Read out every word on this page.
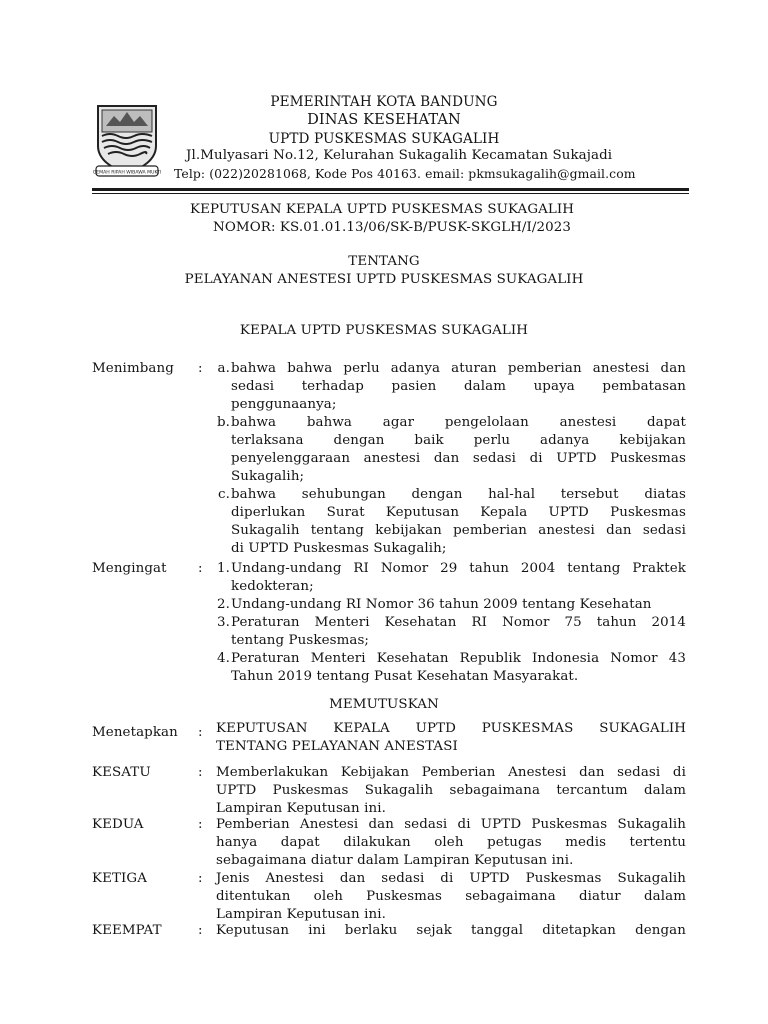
GEMAH RIPAH WIBAWA MUKTI
PEMERINTAH KOTA BANDUNG
DINAS KESEHATAN
UPTD PUSKESMAS SUKAGALIH
Jl.Mulyasari No.12, Kelurahan Sukagalih Kecamatan Sukajadi
Telp: (022)20281068, Kode Pos 40163. email: pkmsukagalih@gmail.com
KEPUTUSAN KEPALA UPTD PUSKESMAS SUKAGALIH
NOMOR: KS.01.01.13/06/SK-B/PUSK-SKGLH/I/2023
TENTANG
PELAYANAN ANESTESI UPTD PUSKESMAS SUKAGALIH
KEPALA UPTD PUSKESMAS SUKAGALIH
Menimbang : a. bahwa bahwa perlu adanya aturan pemberian anestesi dan
sedasi terhadap pasien dalam upaya pembatasan
penggunaanya;
b. bahwa bahwa agar pengelolaan anestesi dapat
terlaksana dengan baik perlu adanya kebijakan
penyelenggaraan anestesi dan sedasi di UPTD Puskesmas
Sukagalih;
c. bahwa sehubungan dengan hal-hal tersebut diatas
diperlukan Surat Keputusan Kepala UPTD Puskesmas
Sukagalih tentang kebijakan pemberian anestesi dan sedasi
di UPTD Puskesmas Sukagalih;
Mengingat : 1. Undang-undang RI Nomor 29 tahun 2004 tentang Praktek
kedokteran;
2. Undang-undang RI Nomor 36 tahun 2009 tentang Kesehatan
3. Peraturan Menteri Kesehatan RI Nomor 75 tahun 2014
tentang Puskesmas;
4. Peraturan Menteri Kesehatan Republik Indonesia Nomor 43
Tahun 2019 tentang Pusat Kesehatan Masyarakat.
MEMUTUSKAN
Menetapkan : KEPUTUSAN KEPALA UPTD PUSKESMAS SUKAGALIH
TENTANG PELAYANAN ANESTASI
KESATU	: Memberlakukan Kebijakan Pemberian Anestesi dan sedasi di
UPTD Puskesmas Sukagalih sebagaimana tercantum dalam
Lampiran Keputusan ini.
KEDUA	: Pemberian Anestesi dan sedasi di UPTD Puskesmas Sukagalih
hanya dapat dilakukan oleh petugas medis tertentu
sebagaimana diatur dalam Lampiran Keputusan ini.
KETIGA	: Jenis Anestesi dan sedasi di UPTD Puskesmas Sukagalih
ditentukan oleh Puskesmas sebagaimana diatur dalam
Lampiran Keputusan ini.
KEEMPAT	: Keputusan ini berlaku sejak tanggal ditetapkan dengan
